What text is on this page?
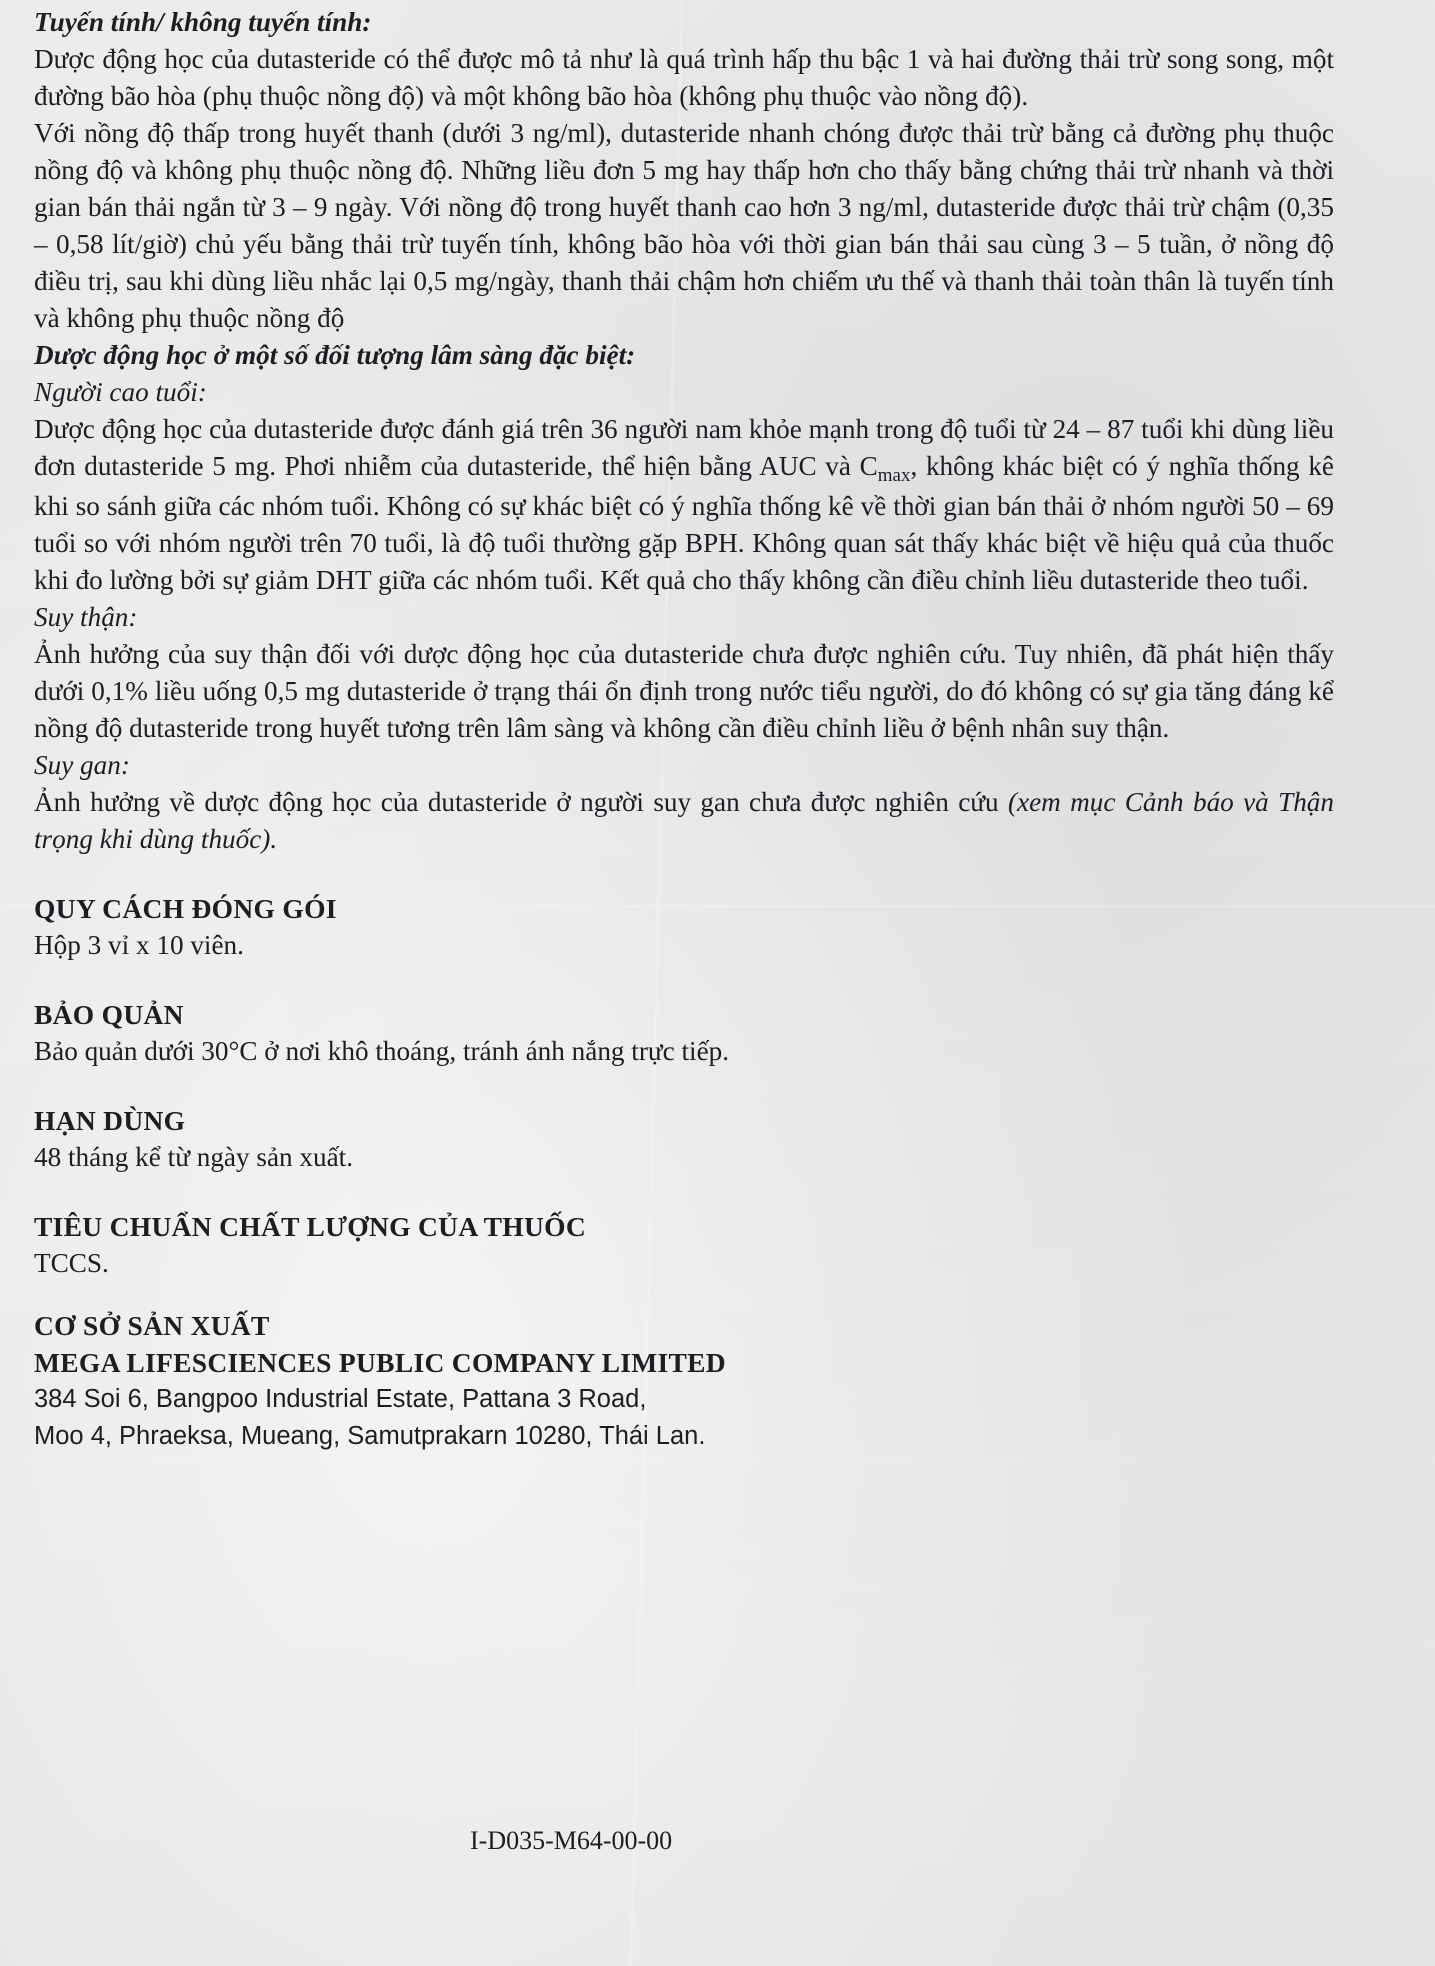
Tuyến tính/ không tuyến tính:

Dược động học của dutasteride có thể được mô tả như là quá trình hấp thu bậc 1 và hai đường thải trừ song song, một đường bão hòa (phụ thuộc nồng độ) và một không bão hòa (không phụ thuộc vào nồng độ).

Với nồng độ thấp trong huyết thanh (dưới 3 ng/ml), dutasteride nhanh chóng được thải trừ bằng cả đường phụ thuộc nồng độ và không phụ thuộc nồng độ. Những liều đơn 5 mg hay thấp hơn cho thấy bằng chứng thải trừ nhanh và thời gian bán thải ngắn từ 3 – 9 ngày. Với nồng độ trong huyết thanh cao hơn 3 ng/ml, dutasteride được thải trừ chậm (0,35 – 0,58 lít/giờ) chủ yếu bằng thải trừ tuyến tính, không bão hòa với thời gian bán thải sau cùng 3 – 5 tuần, ở nồng độ điều trị, sau khi dùng liều nhắc lại 0,5 mg/ngày, thanh thải chậm hơn chiếm ưu thế và thanh thải toàn thân là tuyến tính và không phụ thuộc nồng độ

Dược động học ở một số đối tượng lâm sàng đặc biệt:

Người cao tuổi:

Dược động học của dutasteride được đánh giá trên 36 người nam khỏe mạnh trong độ tuổi từ 24 – 87 tuổi khi dùng liều đơn dutasteride 5 mg. Phơi nhiễm của dutasteride, thể hiện bằng AUC và $C_{max}$, không khác biệt có ý nghĩa thống kê khi so sánh giữa các nhóm tuổi. Không có sự khác biệt có ý nghĩa thống kê về thời gian bán thải ở nhóm người 50 – 69 tuổi so với nhóm người trên 70 tuổi, là độ tuổi thường gặp BPH. Không quan sát thấy khác biệt về hiệu quả của thuốc khi đo lường bởi sự giảm DHT giữa các nhóm tuổi. Kết quả cho thấy không cần điều chỉnh liều dutasteride theo tuổi.

Suy thận:

Ảnh hưởng của suy thận đối với dược động học của dutasteride chưa được nghiên cứu. Tuy nhiên, đã phát hiện thấy dưới 0,1% liều uống 0,5 mg dutasteride ở trạng thái ổn định trong nước tiểu người, do đó không có sự gia tăng đáng kể nồng độ dutasteride trong huyết tương trên lâm sàng và không cần điều chỉnh liều ở bệnh nhân suy thận.

Suy gan:

Ảnh hưởng về dược động học của dutasteride ở người suy gan chưa được nghiên cứu (xem mục Cảnh báo và Thận trọng khi dùng thuốc).

QUY CÁCH ĐÓNG GÓI

Hộp 3 vỉ x 10 viên.

BẢO QUẢN

Bảo quản dưới 30°C ở nơi khô thoáng, tránh ánh nắng trực tiếp.

HẠN DÙNG

48 tháng kể từ ngày sản xuất.

TIÊU CHUẨN CHẤT LƯỢNG CỦA THUỐC

TCCS.

CƠ SỞ SẢN XUẤT

MEGA LIFESCIENCES PUBLIC COMPANY LIMITED

384 Soi 6, Bangpoo Industrial Estate, Pattana 3 Road,

Moo 4, Phraeksa, Mueang, Samutprakarn 10280, Thái Lan.

I-D035-M64-00-00
